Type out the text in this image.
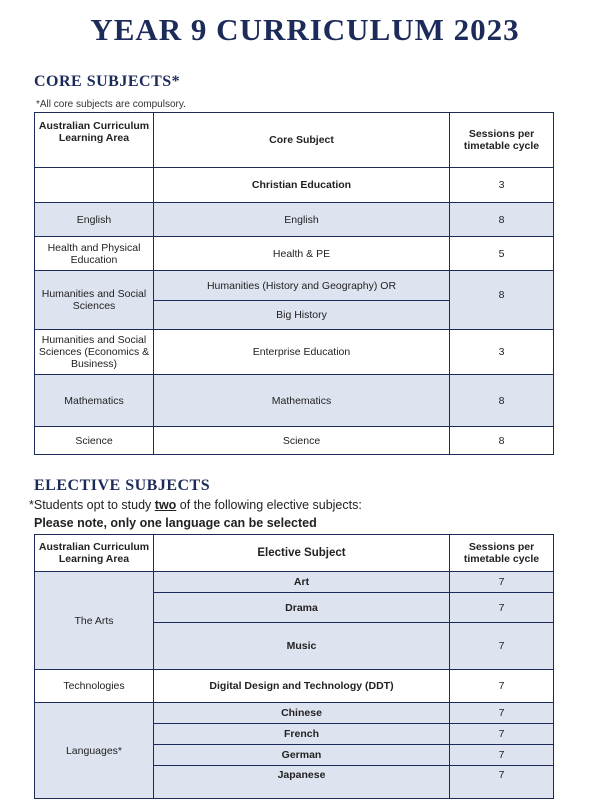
YEAR 9 CURRICULUM 2023
CORE SUBJECTS*
*All core subjects are compulsory.
Australian Curriculum Learning Area	Core Subject	Sessions per timetable cycle
	Christian Education	3
English	English	8
Health and Physical Education	Health & PE	5
Humanities and Social Sciences	Humanities (History and Geography) OR	8
	Big History	
Humanities and Social Sciences (Economics & Business)	Enterprise Education	3
Mathematics	Mathematics	8
Science	Science	8
ELECTIVE SUBJECTS
*Students opt to study two of the following elective subjects:
Please note, only one language can be selected
Australian Curriculum Learning Area	Elective Subject	Sessions per timetable cycle
The Arts	Art	7
	Drama	7
	Music	7
Technologies	Digital Design and Technology (DDT)	7
Languages*	Chinese	7
	French	7
	German	7
	Japanese	7
